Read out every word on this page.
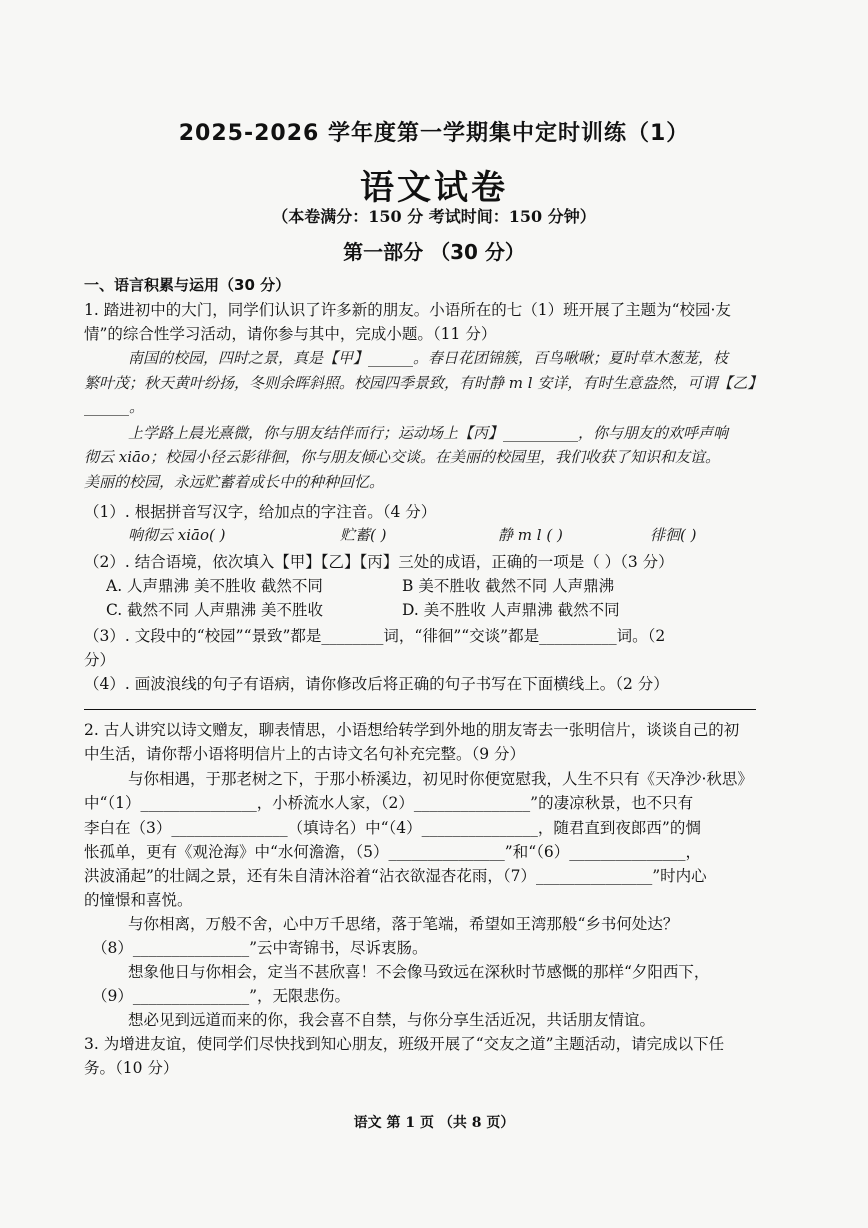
2025-2026 学年度第一学期集中定时训练（1）
语文试卷
（本卷满分：150 分 考试时间：150 分钟）
第一部分 （30 分）
一、语言积累与运用（30 分）
1. 踏进初中的大门，同学们认识了许多新的朋友。小语所在的七（1）班开展了主题为“校园·友
情”的综合性学习活动，请你参与其中，完成小题。（11 分）
南国的校园，四时之景，真是【甲】______。春日花团锦簇，百鸟啾啾；夏时草木葱茏，枝
繁叶茂；秋天黄叶纷扬，冬则余晖斜照。校园四季景致，有时静 m l 安详，有时生意盎然，可谓【乙】
______。
上学路上晨光熹微，你与朋友结伴而行；运动场上【丙】__________，你与朋友的欢呼声响
彻云 xiāo；校园小径云影徘徊，你与朋友倾心交谈。在美丽的校园里，我们收获了知识和友谊。
美丽的校园，永远贮蓄着成长中的种种回忆。
（1）. 根据拼音写汉字，给加点的字注音。（4 分）
响彻云 xiāo( )	贮蓄( )	静 m l ( )	徘徊( )
（2）. 结合语境，依次填入【甲】【乙】【丙】三处的成语，正确的一项是（ ）（3 分）
A. 人声鼎沸 美不胜收 截然不同	B 美不胜收 截然不同 人声鼎沸
C. 截然不同 人声鼎沸 美不胜收	D. 美不胜收 人声鼎沸 截然不同
（3）. 文段中的“校园”“景致”都是________词，“徘徊”“交谈”都是__________词。（2
分）
（4）. 画波浪线的句子有语病，请你修改后将正确的句子书写在下面横线上。（2 分）
2. 古人讲究以诗文赠友，聊表情思，小语想给转学到外地的朋友寄去一张明信片，谈谈自己的初
中生活，请你帮小语将明信片上的古诗文名句补充完整。（9 分）
与你相遇，于那老树之下，于那小桥溪边，初见时你便宽慰我，人生不只有《天净沙·秋思》
中“（1）_______________，小桥流水人家，（2）_______________”的凄凉秋景，也不只有
李白在（3）_______________（填诗名）中“（4）_______________，随君直到夜郎西”的惆
怅孤单，更有《观沧海》中“水何澹澹，（5）_______________”和“（6）_______________，
洪波涌起”的壮阔之景，还有朱自清沐浴着“沾衣欲湿杏花雨，（7）_______________”时内心
的憧憬和喜悦。
与你相离，万般不舍，心中万千思绪，落于笔端，希望如王湾那般“乡书何处达？
（8）_______________”云中寄锦书，尽诉衷肠。
想象他日与你相会，定当不甚欣喜！不会像马致远在深秋时节感慨的那样“夕阳西下，
（9）_______________”，无限悲伤。
想必见到远道而来的你，我会喜不自禁，与你分享生活近况，共话朋友情谊。
3. 为增进友谊，使同学们尽快找到知心朋友，班级开展了“交友之道”主题活动，请完成以下任
务。（10 分）
语文 第 1 页 （共 8 页）
